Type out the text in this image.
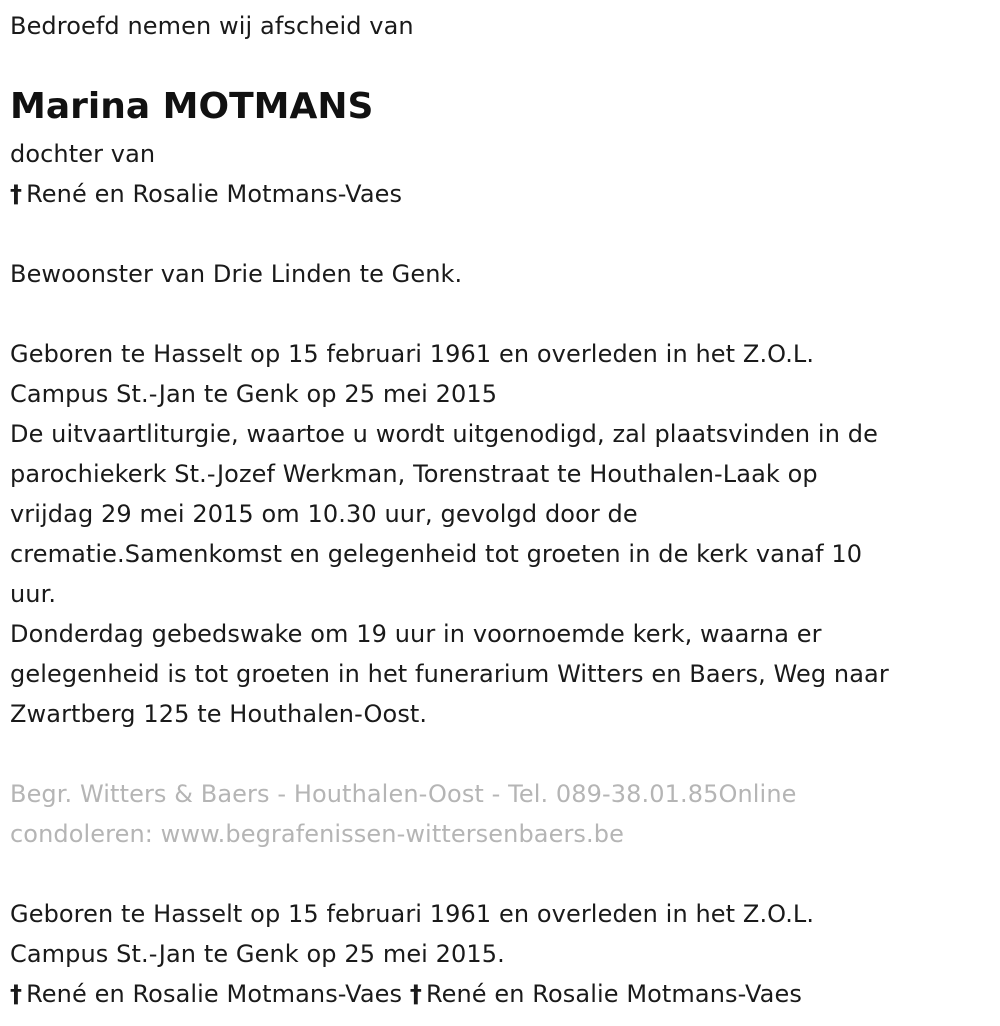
Bedroefd nemen wij afscheid van
Marina MOTMANS
dochter van
† René en Rosalie Motmans-Vaes
Bewoonster van Drie Linden te Genk.
Geboren te Hasselt op 15 februari 1961 en overleden in het Z.O.L.
Campus St.-Jan te Genk op 25 mei 2015
De uitvaartliturgie, waartoe u wordt uitgenodigd, zal plaatsvinden in de
parochiekerk St.-Jozef Werkman, Torenstraat te Houthalen-Laak op
vrijdag 29 mei 2015 om 10.30 uur, gevolgd door de
crematie.Samenkomst en gelegenheid tot groeten in de kerk vanaf 10
uur.
Donderdag gebedswake om 19 uur in voornoemde kerk, waarna er
gelegenheid is tot groeten in het funerarium Witters en Baers, Weg naar
Zwartberg 125 te Houthalen-Oost.
Begr. Witters & Baers - Houthalen-Oost - Tel. 089-38.01.85Online
condoleren: www.begrafenissen-wittersenbaers.be
Geboren te Hasselt op 15 februari 1961 en overleden in het Z.O.L.
Campus St.-Jan te Genk op 25 mei 2015.
† René en Rosalie Motmans-Vaes † René en Rosalie Motmans-Vaes
